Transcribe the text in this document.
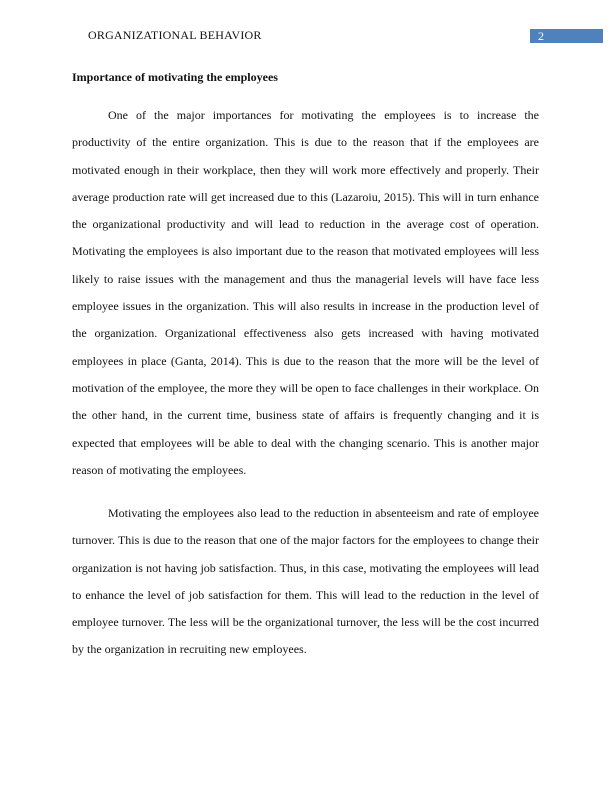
ORGANIZATIONAL BEHAVIOR	2
Importance of motivating the employees

One of the major importances for motivating the employees is to increase the productivity of the entire organization. This is due to the reason that if the employees are motivated enough in their workplace, then they will work more effectively and properly. Their average production rate will get increased due to this (Lazaroiu, 2015). This will in turn enhance the organizational productivity and will lead to reduction in the average cost of operation. Motivating the employees is also important due to the reason that motivated employees will less likely to raise issues with the management and thus the managerial levels will have face less employee issues in the organization. This will also results in increase in the production level of the organization. Organizational effectiveness also gets increased with having motivated employees in place (Ganta, 2014). This is due to the reason that the more will be the level of motivation of the employee, the more they will be open to face challenges in their workplace. On the other hand, in the current time, business state of affairs is frequently changing and it is expected that employees will be able to deal with the changing scenario. This is another major reason of motivating the employees.

Motivating the employees also lead to the reduction in absenteeism and rate of employee turnover. This is due to the reason that one of the major factors for the employees to change their organization is not having job satisfaction. Thus, in this case, motivating the employees will lead to enhance the level of job satisfaction for them. This will lead to the reduction in the level of employee turnover. The less will be the organizational turnover, the less will be the cost incurred by the organization in recruiting new employees.
